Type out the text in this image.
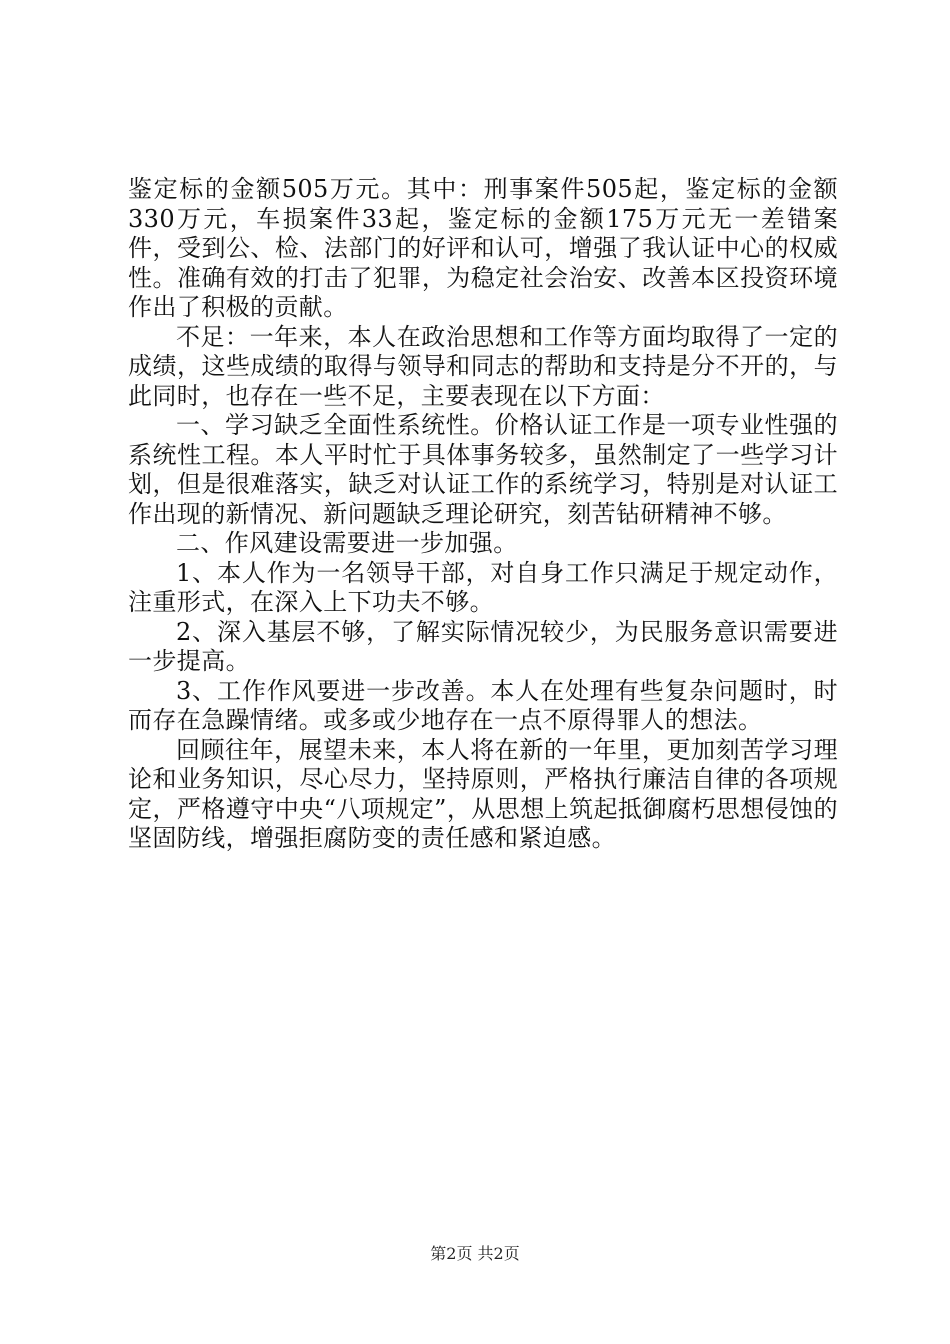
鉴定标的金额505万元。其中：刑事案件505起，鉴定标的金额330万元，车损案件33起，鉴定标的金额175万元无一差错案件，受到公、检、法部门的好评和认可，增强了我认证中心的权威性。准确有效的打击了犯罪，为稳定社会治安、改善本区投资环境作出了积极的贡献。

不足：一年来，本人在政治思想和工作等方面均取得了一定的成绩，这些成绩的取得与领导和同志的帮助和支持是分不开的，与此同时，也存在一些不足，主要表现在以下方面：

一、学习缺乏全面性系统性。价格认证工作是一项专业性强的系统性工程。本人平时忙于具体事务较多，虽然制定了一些学习计划，但是很难落实，缺乏对认证工作的系统学习，特别是对认证工作出现的新情况、新问题缺乏理论研究，刻苦钻研精神不够。

二、作风建设需要进一步加强。

1、本人作为一名领导干部，对自身工作只满足于规定动作，注重形式，在深入上下功夫不够。

2、深入基层不够，了解实际情况较少，为民服务意识需要进一步提高。

3、工作作风要进一步改善。本人在处理有些复杂问题时，时而存在急躁情绪。或多或少地存在一点不原得罪人的想法。

回顾往年，展望未来，本人将在新的一年里，更加刻苦学习理论和业务知识，尽心尽力，坚持原则，严格执行廉洁自律的各项规定，严格遵守中央“八项规定”，从思想上筑起抵御腐朽思想侵蚀的坚固防线，增强拒腐防变的责任感和紧迫感。

第2页 共2页
